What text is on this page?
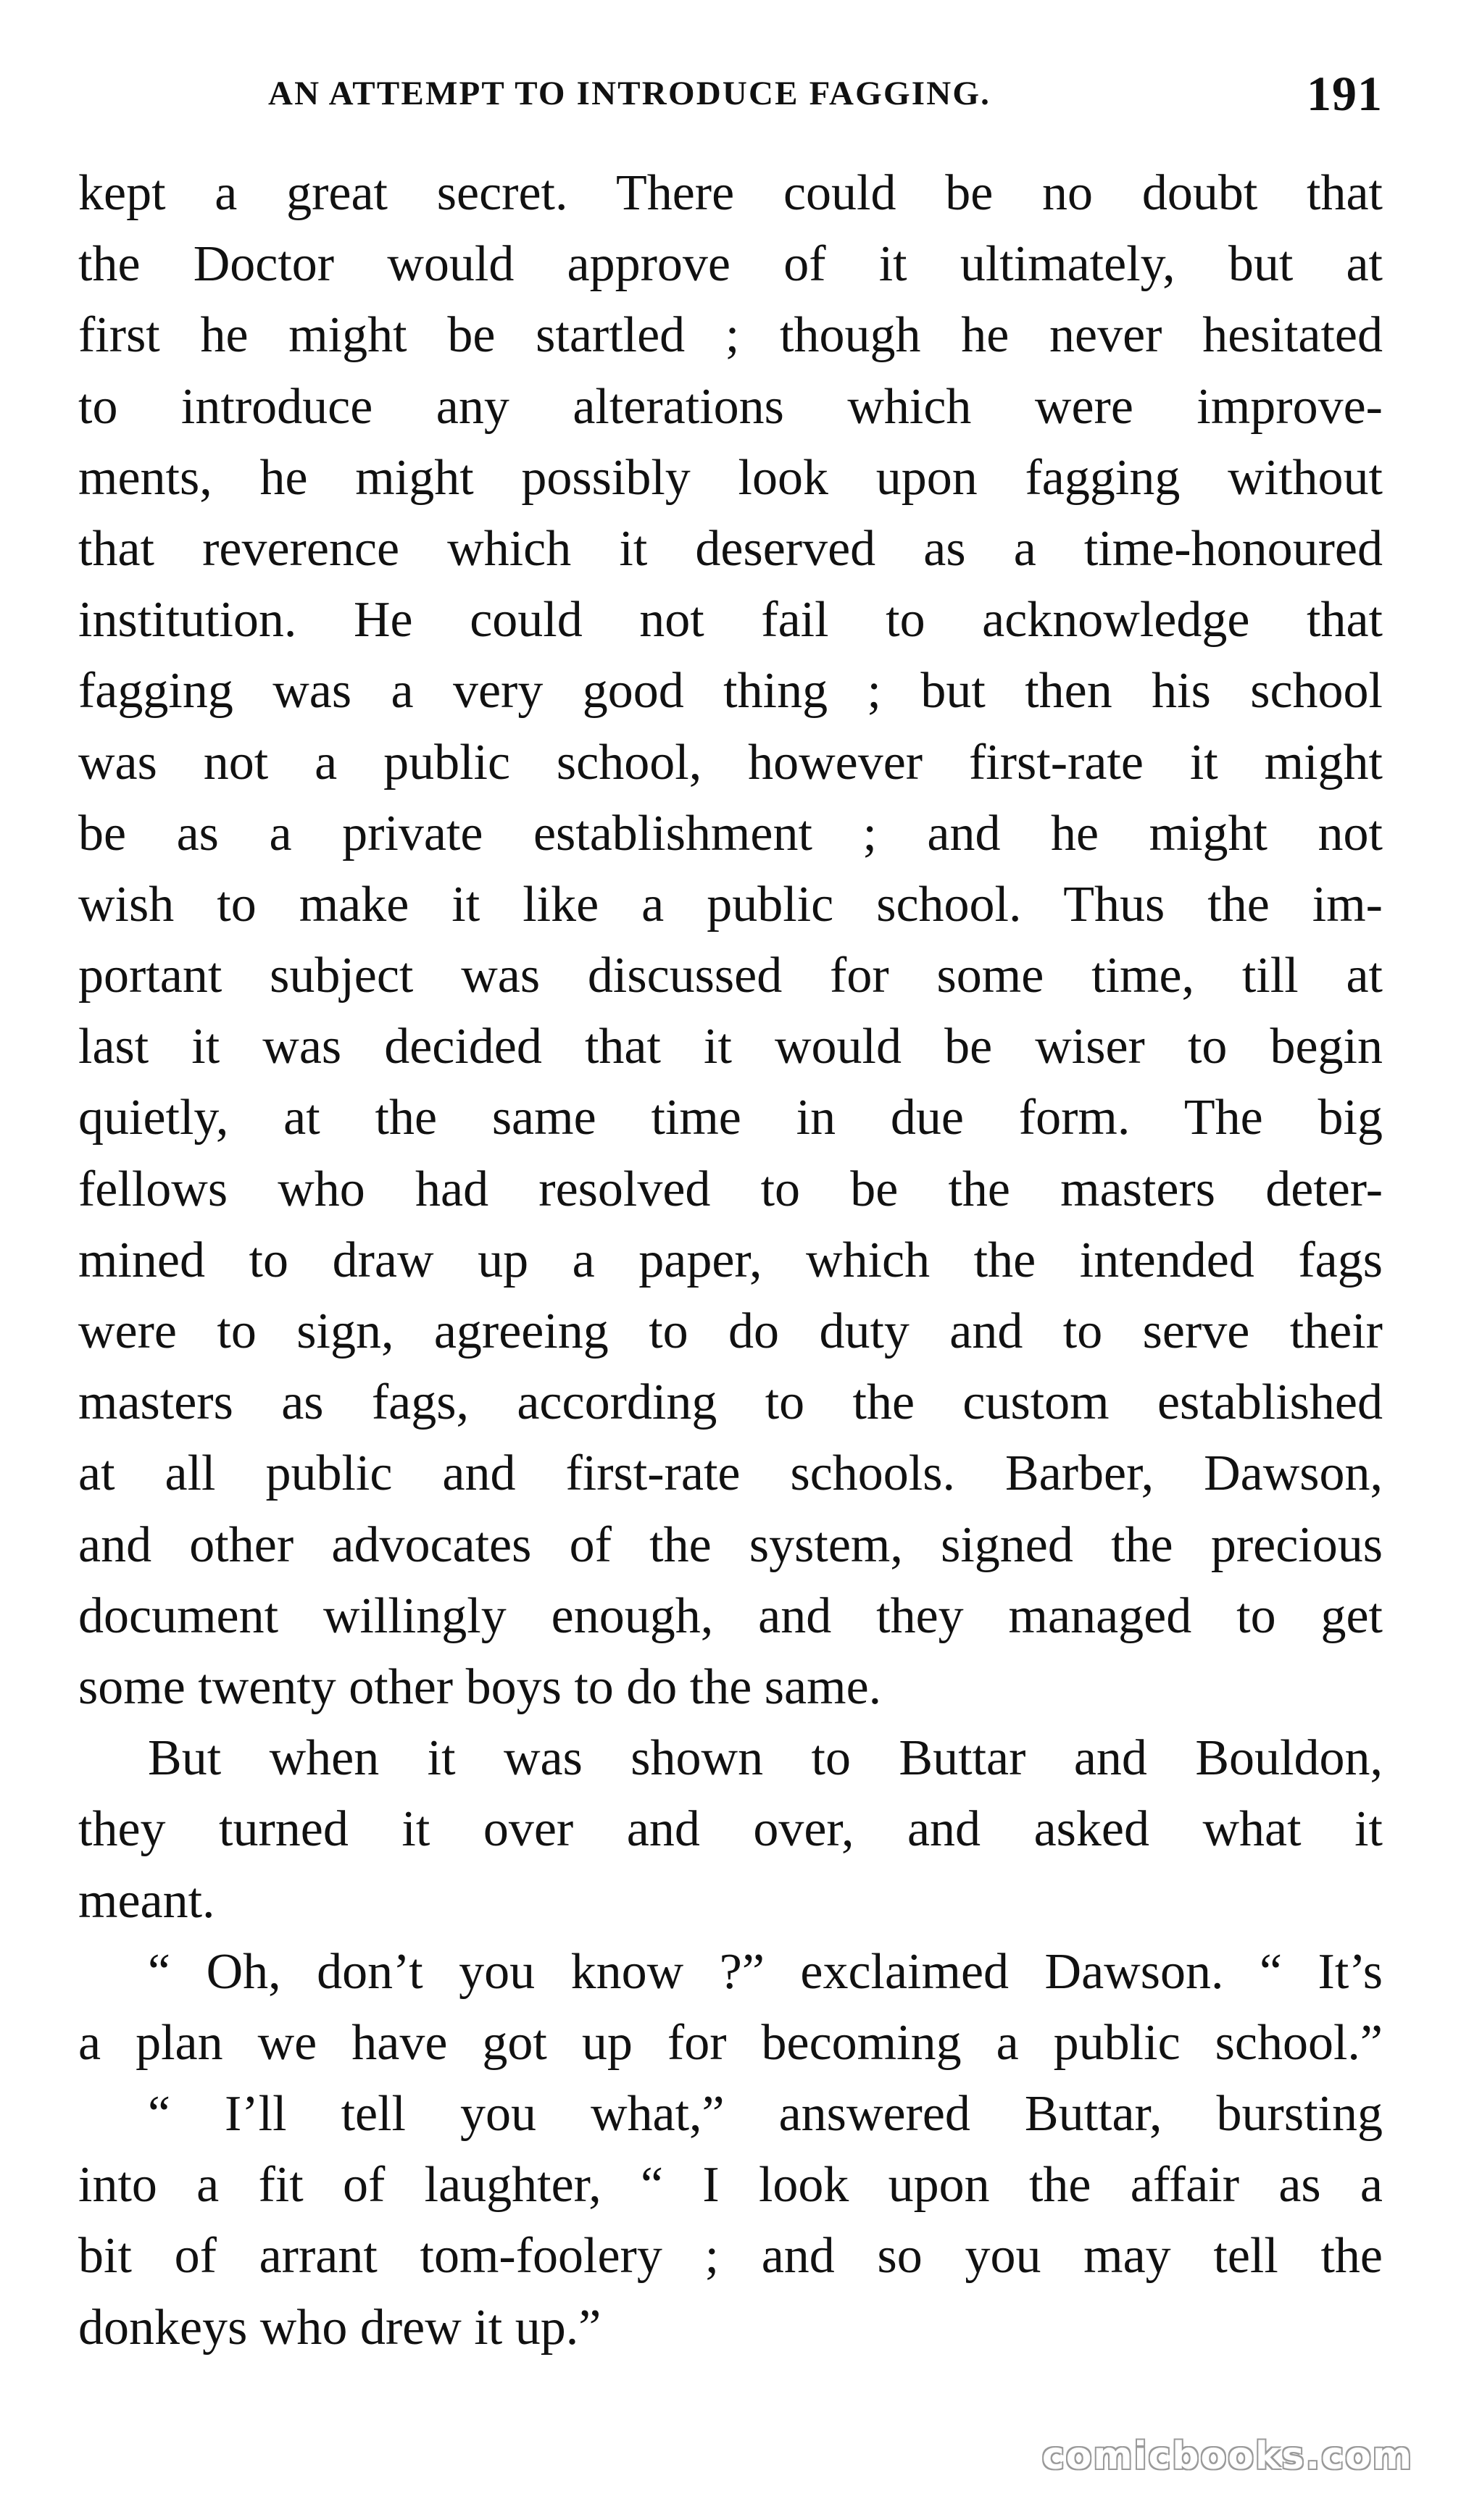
AN ATTEMPT TO INTRODUCE FAGGING.	191
kept a great secret. There could be no doubt that
the Doctor would approve of it ultimately, but at
first he might be startled ; though he never hesitated
to introduce any alterations which were improve-
ments, he might possibly look upon fagging without
that reverence which it deserved as a time-honoured
institution. He could not fail to acknowledge that
fagging was a very good thing ; but then his school
was not a public school, however first-rate it might
be as a private establishment ; and he might not
wish to make it like a public school. Thus the im-
portant subject was discussed for some time, till at
last it was decided that it would be wiser to begin
quietly, at the same time in due form. The big
fellows who had resolved to be the masters deter-
mined to draw up a paper, which the intended fags
were to sign, agreeing to do duty and to serve their
masters as fags, according to the custom established
at all public and first-rate schools. Barber, Dawson,
and other advocates of the system, signed the precious
document willingly enough, and they managed to get
some twenty other boys to do the same.
But when it was shown to Buttar and Bouldon,
they turned it over and over, and asked what it
meant.
“ Oh, don’t you know ?” exclaimed Dawson. “ It’s
a plan we have got up for becoming a public school.”
“ I’ll tell you what,” answered Buttar, bursting
into a fit of laughter, “ I look upon the affair as a
bit of arrant tom-foolery ; and so you may tell the
donkeys who drew it up.”
comicbooks.com
